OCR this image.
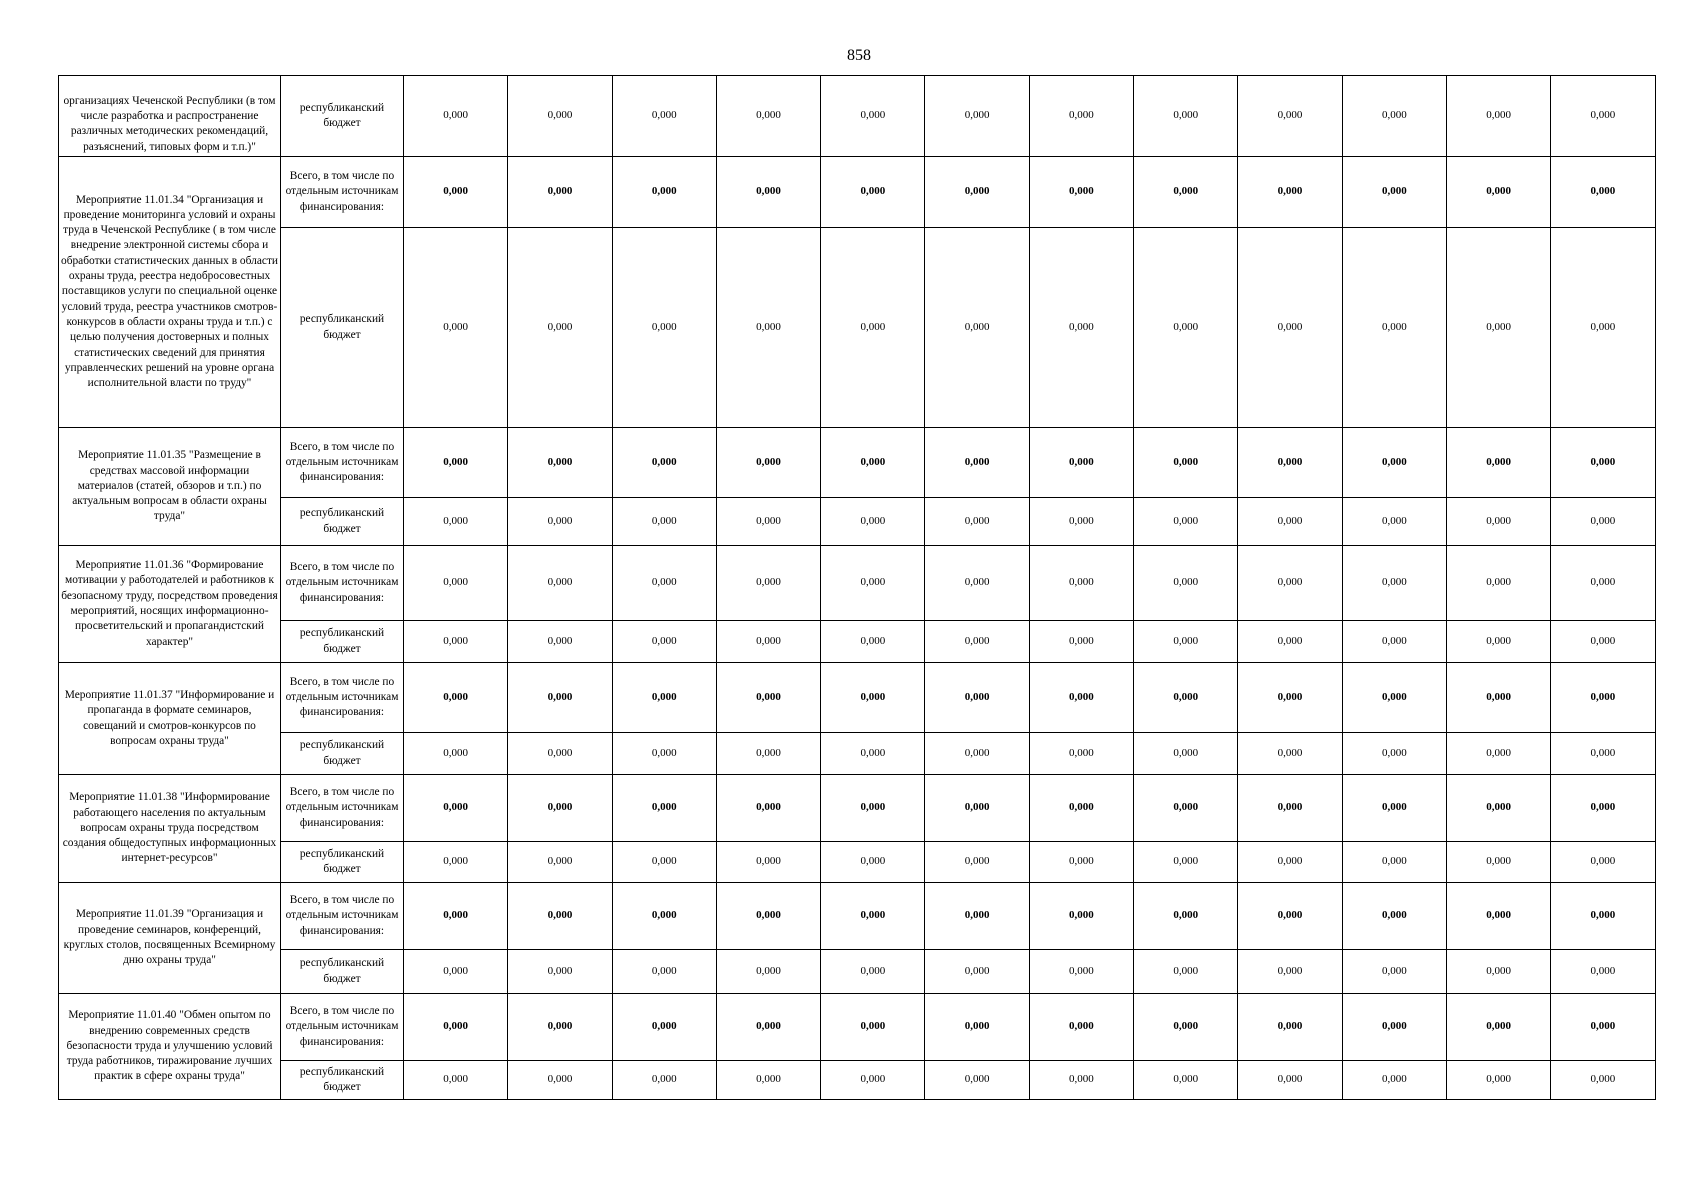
858
организациях Чеченской Республики (в том числе разработка и распространение различных методических рекомендаций, разъяснений, типовых форм и т.п.)"	республиканский бюджет	0,000	0,000	0,000	0,000	0,000	0,000	0,000	0,000	0,000	0,000	0,000	0,000
Мероприятие 11.01.34 "Организация и проведение мониторинга условий и охраны труда в Чеченской Республике ( в том числе внедрение электронной системы сбора и обработки статистических данных в области охраны труда, реестра недобросовестных поставщиков услуги по специальной оценке условий труда, реестра участников смотров-конкурсов в области охраны труда и т.п.) с целью получения достоверных и полных статистических сведений для принятия управленческих решений на уровне органа исполнительной власти по труду"	Всего, в том числе по отдельным источникам финансирования:	0,000	0,000	0,000	0,000	0,000	0,000	0,000	0,000	0,000	0,000	0,000	0,000
	республиканский бюджет	0,000	0,000	0,000	0,000	0,000	0,000	0,000	0,000	0,000	0,000	0,000	0,000
Мероприятие 11.01.35 "Размещение в средствах массовой информации материалов (статей, обзоров и т.п.) по актуальным вопросам в области охраны труда"	Всего, в том числе по отдельным источникам финансирования:	0,000	0,000	0,000	0,000	0,000	0,000	0,000	0,000	0,000	0,000	0,000	0,000
	республиканский бюджет	0,000	0,000	0,000	0,000	0,000	0,000	0,000	0,000	0,000	0,000	0,000	0,000
Мероприятие 11.01.36 "Формирование мотивации у работодателей и работников к безопасному труду, посредством проведения мероприятий, носящих информационно-просветительский и пропагандистский характер"	Всего, в том числе по отдельным источникам финансирования:	0,000	0,000	0,000	0,000	0,000	0,000	0,000	0,000	0,000	0,000	0,000	0,000
	республиканский бюджет	0,000	0,000	0,000	0,000	0,000	0,000	0,000	0,000	0,000	0,000	0,000	0,000
Мероприятие 11.01.37 "Информирование и пропаганда в формате семинаров, совещаний и смотров-конкурсов по вопросам охраны труда"	Всего, в том числе по отдельным источникам финансирования:	0,000	0,000	0,000	0,000	0,000	0,000	0,000	0,000	0,000	0,000	0,000	0,000
	республиканский бюджет	0,000	0,000	0,000	0,000	0,000	0,000	0,000	0,000	0,000	0,000	0,000	0,000
Мероприятие 11.01.38 "Информирование работающего населения по актуальным вопросам охраны труда посредством создания общедоступных информационных интернет-ресурсов"	Всего, в том числе по отдельным источникам финансирования:	0,000	0,000	0,000	0,000	0,000	0,000	0,000	0,000	0,000	0,000	0,000	0,000
	республиканский бюджет	0,000	0,000	0,000	0,000	0,000	0,000	0,000	0,000	0,000	0,000	0,000	0,000
Мероприятие 11.01.39 "Организация и проведение семинаров, конференций, круглых столов, посвященных Всемирному дню охраны труда"	Всего, в том числе по отдельным источникам финансирования:	0,000	0,000	0,000	0,000	0,000	0,000	0,000	0,000	0,000	0,000	0,000	0,000
	республиканский бюджет	0,000	0,000	0,000	0,000	0,000	0,000	0,000	0,000	0,000	0,000	0,000	0,000
Мероприятие 11.01.40 "Обмен опытом по внедрению современных средств безопасности труда и улучшению условий труда работников, тиражирование лучших практик в сфере охраны труда"	Всего, в том числе по отдельным источникам финансирования:	0,000	0,000	0,000	0,000	0,000	0,000	0,000	0,000	0,000	0,000	0,000	0,000
	республиканский бюджет	0,000	0,000	0,000	0,000	0,000	0,000	0,000	0,000	0,000	0,000	0,000	0,000
